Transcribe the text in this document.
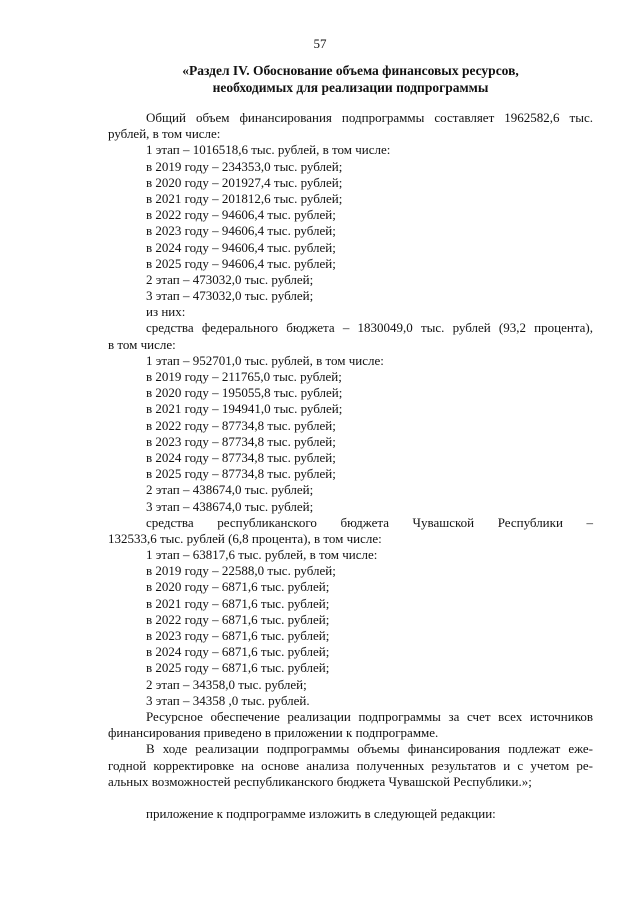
57
«Раздел IV. Обоснование объема финансовых ресурсов,
необходимых для реализации подпрограммы
Общий объем финансирования подпрограммы составляет 1962582,6 тыс.
рублей, в том числе:
1 этап – 1016518,6 тыс. рублей, в том числе:
в 2019 году – 234353,0 тыс. рублей;
в 2020 году – 201927,4 тыс. рублей;
в 2021 году – 201812,6 тыс. рублей;
в 2022 году – 94606,4 тыс. рублей;
в 2023 году – 94606,4 тыс. рублей;
в 2024 году – 94606,4 тыс. рублей;
в 2025 году – 94606,4 тыс. рублей;
2 этап – 473032,0 тыс. рублей;
3 этап – 473032,0 тыс. рублей;
из них:
средства федерального бюджета – 1830049,0 тыс. рублей (93,2 процента),
в том числе:
1 этап – 952701,0 тыс. рублей, в том числе:
в 2019 году – 211765,0 тыс. рублей;
в 2020 году – 195055,8 тыс. рублей;
в 2021 году – 194941,0 тыс. рублей;
в 2022 году – 87734,8 тыс. рублей;
в 2023 году – 87734,8 тыс. рублей;
в 2024 году – 87734,8 тыс. рублей;
в 2025 году – 87734,8 тыс. рублей;
2 этап – 438674,0 тыс. рублей;
3 этап – 438674,0 тыс. рублей;
средства республиканского бюджета Чувашской Республики –
132533,6 тыс. рублей (6,8 процента), в том числе:
1 этап – 63817,6 тыс. рублей, в том числе:
в 2019 году – 22588,0 тыс. рублей;
в 2020 году – 6871,6 тыс. рублей;
в 2021 году – 6871,6 тыс. рублей;
в 2022 году – 6871,6 тыс. рублей;
в 2023 году – 6871,6 тыс. рублей;
в 2024 году – 6871,6 тыс. рублей;
в 2025 году – 6871,6 тыс. рублей;
2 этап – 34358,0 тыс. рублей;
3 этап – 34358 ,0 тыс. рублей.
Ресурсное обеспечение реализации подпрограммы за счет всех источников
финансирования приведено в приложении к подпрограмме.
В ходе реализации подпрограммы объемы финансирования подлежат еже-
годной корректировке на основе анализа полученных результатов и с учетом ре-
альных возможностей республиканского бюджета Чувашской Республики.»;
приложение к подпрограмме изложить в следующей редакции:
